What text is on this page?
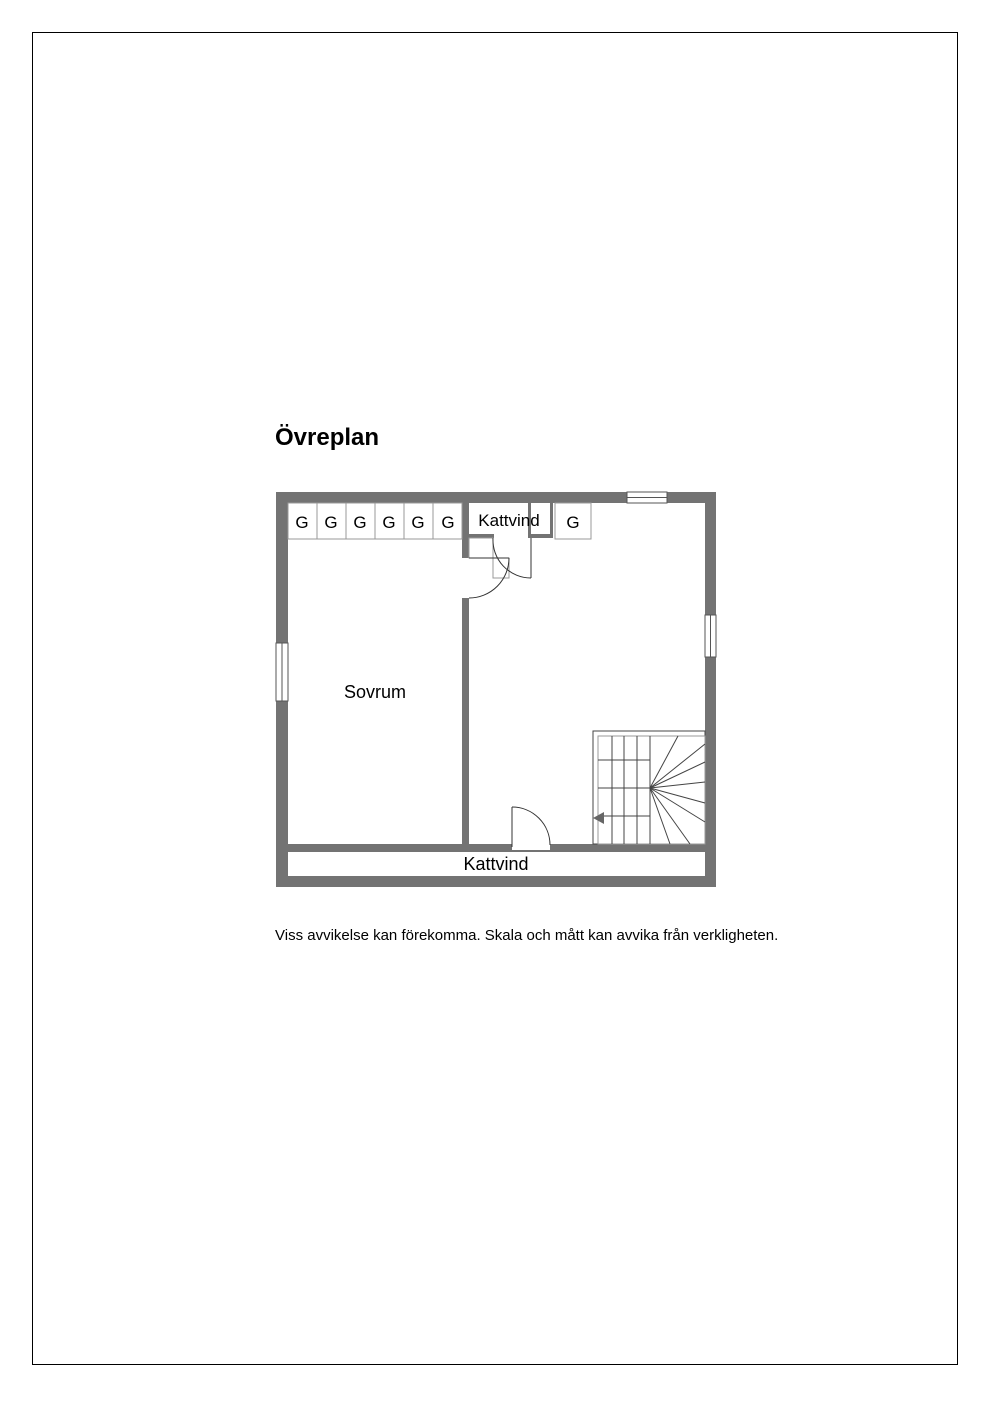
Övreplan
G G G G G G	G
Sovrum
Kattvind
Kattvind
Viss avvikelse kan förekomma. Skala och mått kan avvika från verkligheten.
